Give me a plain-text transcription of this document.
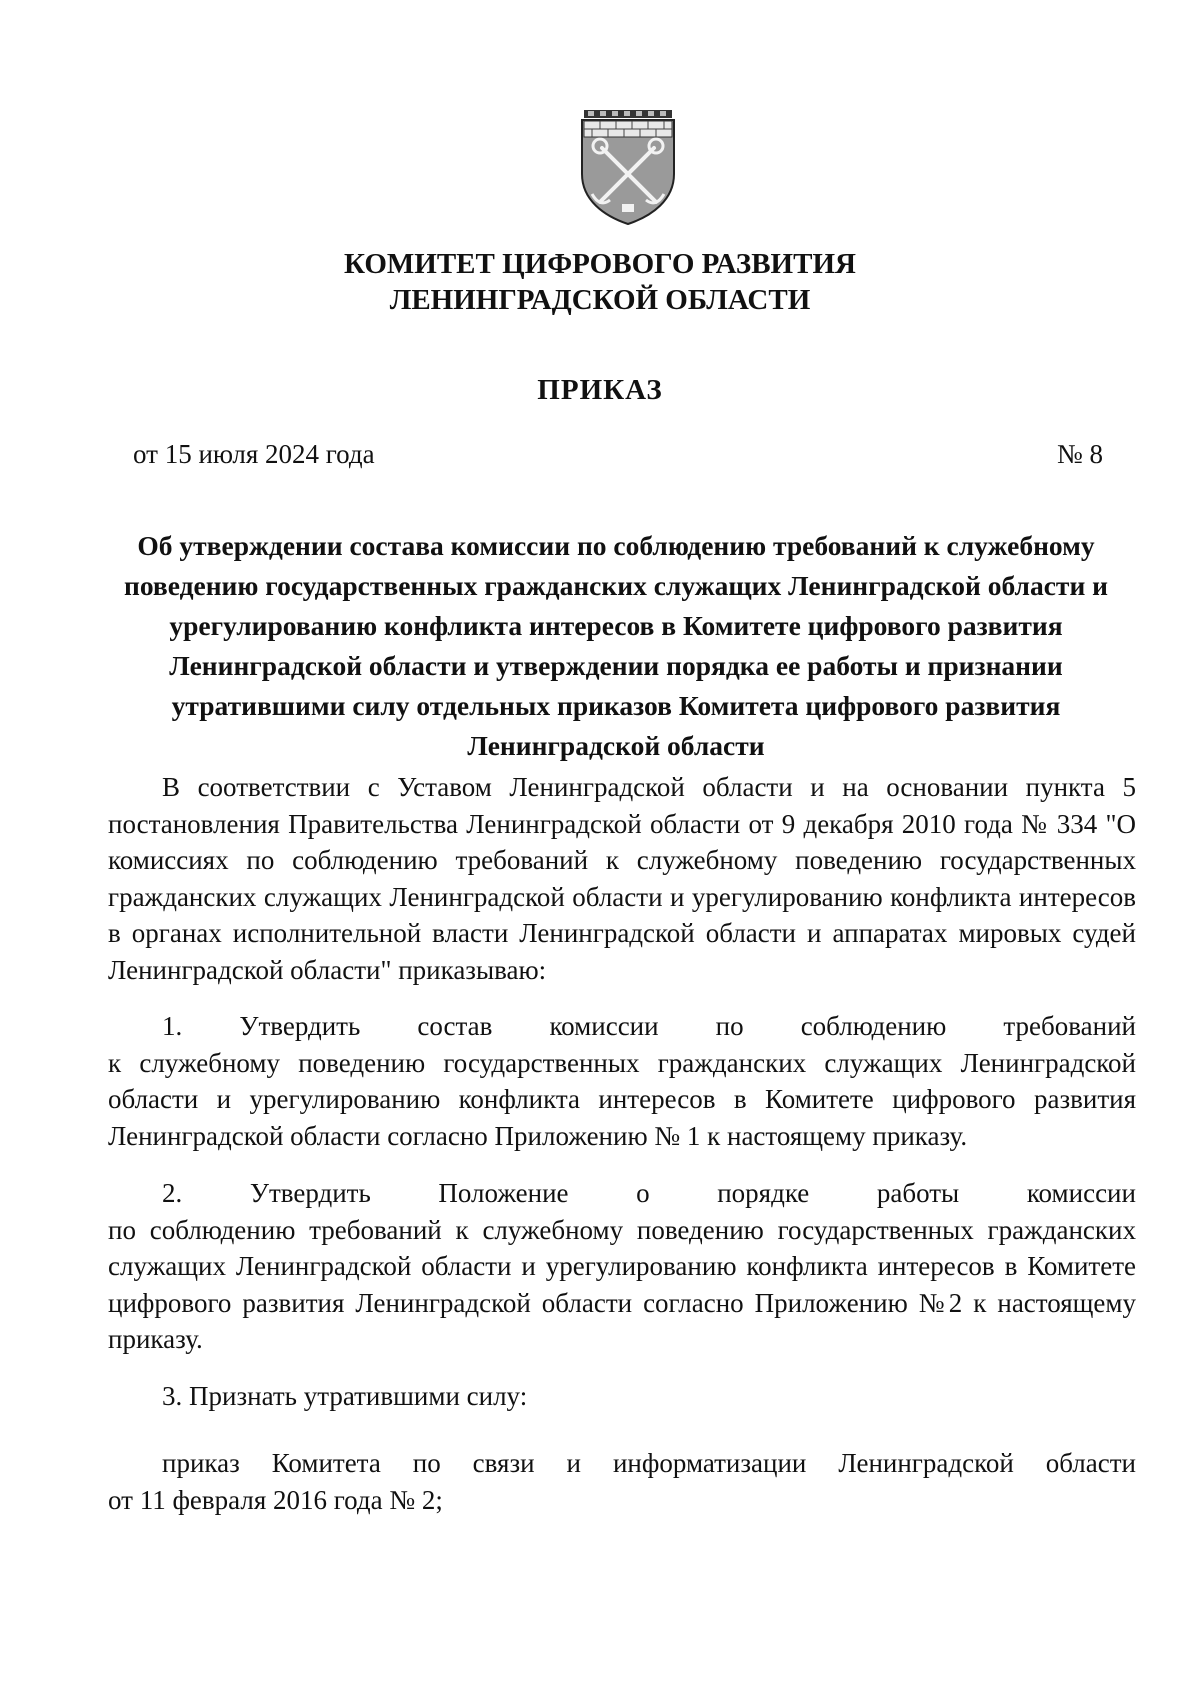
КОМИТЕТ ЦИФРОВОГО РАЗВИТИЯ
ЛЕНИНГРАДСКОЙ ОБЛАСТИ
ПРИКАЗ
от 15 июля 2024 года	№ 8
Об утверждении состава комиссии по соблюдению требований к служебному
поведению государственных гражданских служащих Ленинградской области и
урегулированию конфликта интересов в Комитете цифрового развития
Ленинградской области и утверждении порядка ее работы и признании
утратившими силу отдельных приказов Комитета цифрового развития
Ленинградской области

В соответствии с Уставом Ленинградской области и на основании пункта 5 постановления Правительства Ленинградской области от 9 декабря 2010 года № 334 "О комиссиях по соблюдению требований к служебному поведению государственных гражданских служащих Ленинградской области и урегулированию конфликта интересов в органах исполнительной власти Ленинградской области и аппаратах мировых судей Ленинградской области" приказываю:

1. Утвердить состав комиссии по соблюдению требований
к служебному поведению государственных гражданских служащих Ленинградской области и урегулированию конфликта интересов в Комитете цифрового развития Ленинградской области согласно Приложению № 1 к настоящему приказу.
2.	Утвердить	Положение	о	порядке	работы	комиссии
по соблюдению требований к служебному поведению государственных гражданских служащих Ленинградской области и урегулированию конфликта интересов в Комитете цифрового развития Ленинградской области согласно Приложению №2 к настоящему приказу.
3. Признать утратившими силу:
приказ Комитета по связи и информатизации Ленинградской области
от 11 февраля 2016 года № 2;
